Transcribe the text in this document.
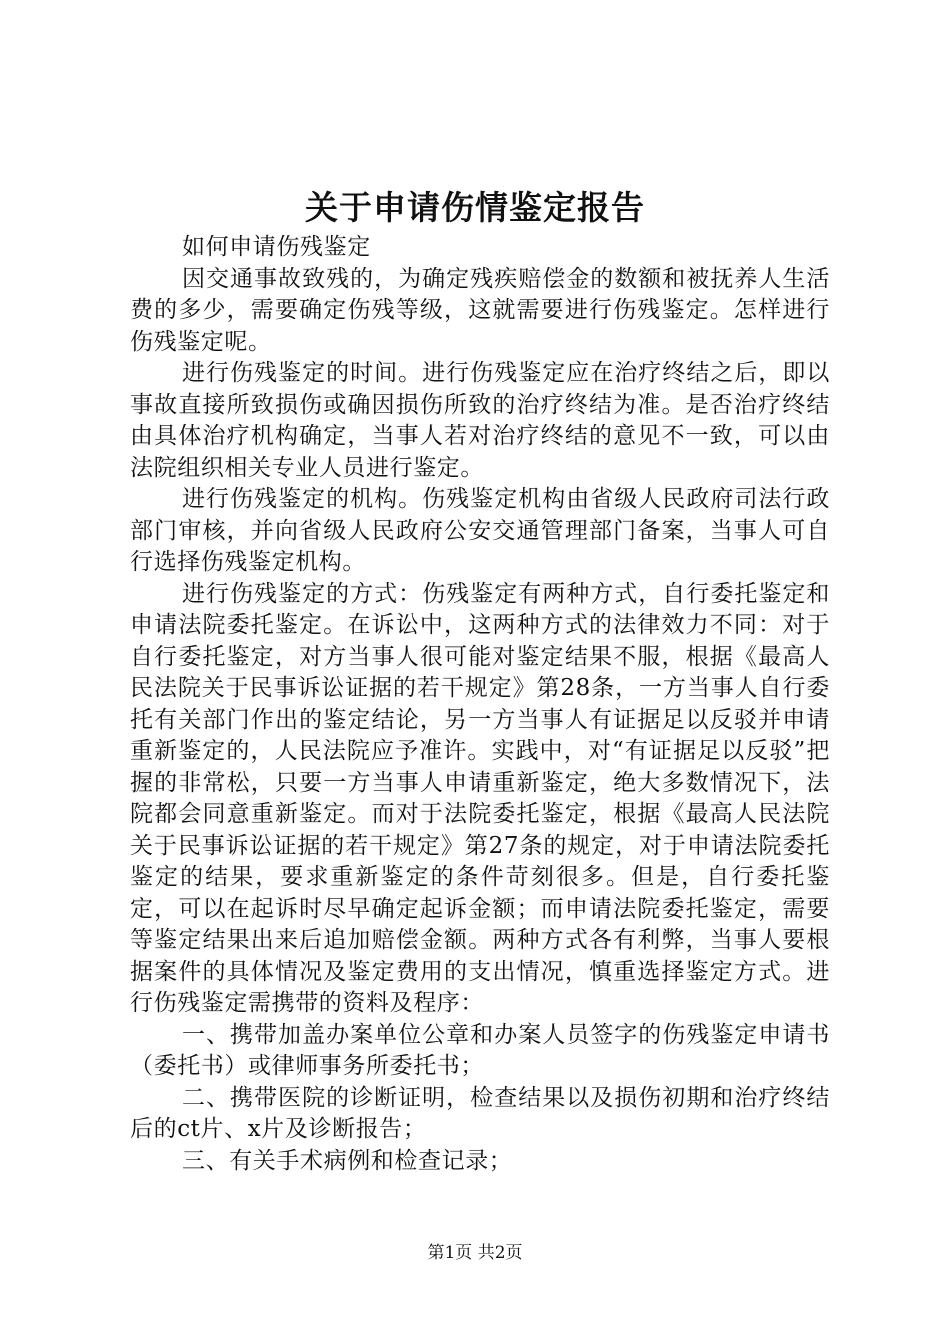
关于申请伤情鉴定报告

如何申请伤残鉴定

因交通事故致残的，为确定残疾赔偿金的数额和被抚养人生活费的多少，需要确定伤残等级，这就需要进行伤残鉴定。怎样进行伤残鉴定呢。

进行伤残鉴定的时间。进行伤残鉴定应在治疗终结之后，即以事故直接所致损伤或确因损伤所致的治疗终结为准。是否治疗终结由具体治疗机构确定，当事人若对治疗终结的意见不一致，可以由法院组织相关专业人员进行鉴定。

进行伤残鉴定的机构。伤残鉴定机构由省级人民政府司法行政部门审核，并向省级人民政府公安交通管理部门备案，当事人可自行选择伤残鉴定机构。

进行伤残鉴定的方式：伤残鉴定有两种方式，自行委托鉴定和申请法院委托鉴定。在诉讼中，这两种方式的法律效力不同：对于自行委托鉴定，对方当事人很可能对鉴定结果不服，根据《最高人民法院关于民事诉讼证据的若干规定》第28条，一方当事人自行委托有关部门作出的鉴定结论，另一方当事人有证据足以反驳并申请重新鉴定的，人民法院应予准许。实践中，对“有证据足以反驳”把握的非常松，只要一方当事人申请重新鉴定，绝大多数情况下，法院都会同意重新鉴定。而对于法院委托鉴定，根据《最高人民法院关于民事诉讼证据的若干规定》第27条的规定，对于申请法院委托鉴定的结果，要求重新鉴定的条件苛刻很多。但是，自行委托鉴定，可以在起诉时尽早确定起诉金额；而申请法院委托鉴定，需要等鉴定结果出来后追加赔偿金额。两种方式各有利弊，当事人要根据案件的具体情况及鉴定费用的支出情况，慎重选择鉴定方式。进行伤残鉴定需携带的资料及程序：

一、携带加盖办案单位公章和办案人员签字的伤残鉴定申请书（委托书）或律师事务所委托书；

二、携带医院的诊断证明，检查结果以及损伤初期和治疗终结后的ct片、x片及诊断报告；

三、有关手术病例和检查记录；

第1页 共2页
